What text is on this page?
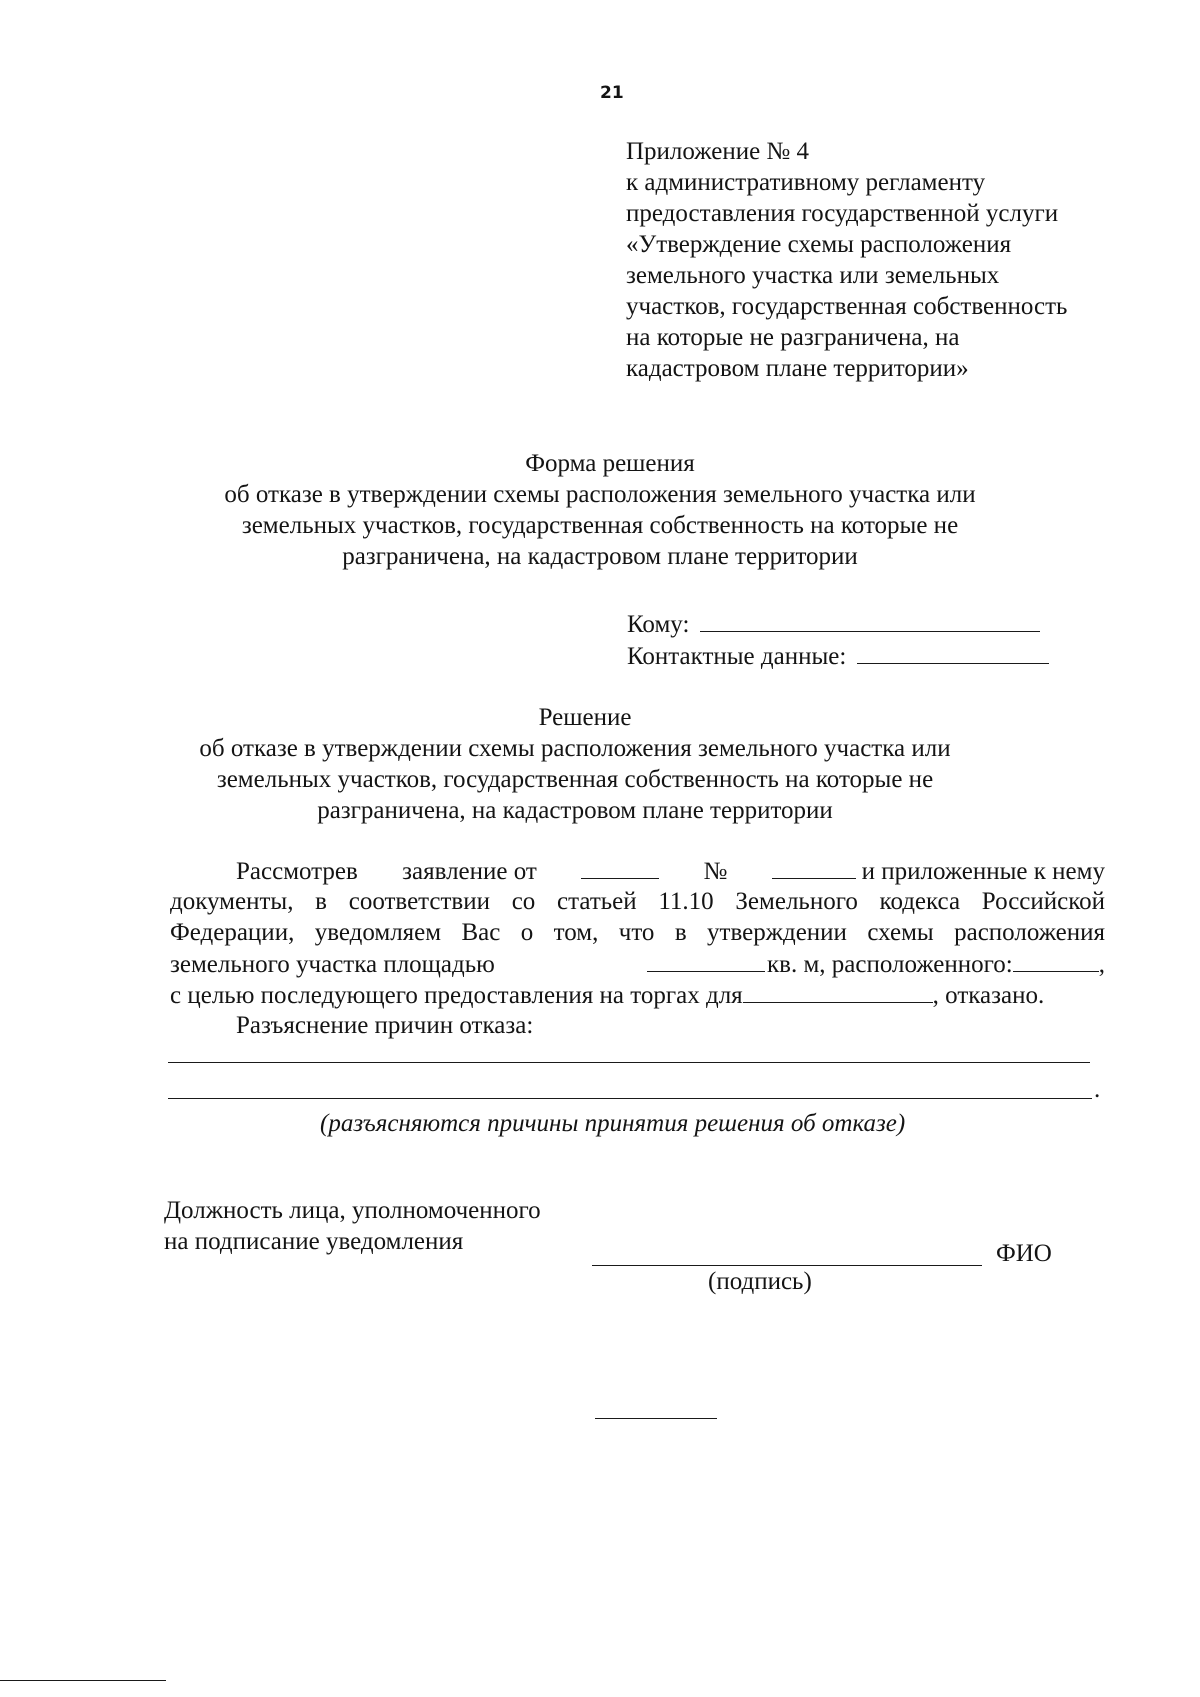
21
Приложение № 4
к административному регламенту
предоставления государственной услуги
«Утверждение схемы расположения
земельного участка или земельных
участков, государственная собственность
на которые не разграничена, на
кадастровом плане территории»
Форма решения
об отказе в утверждении схемы расположения земельного участка или
земельных участков, государственная собственность на которые не
разграничена, на кадастровом плане территории
Кому:
Контактные данные:
Решение
об отказе в утверждении схемы расположения земельного участка или
земельных участков, государственная собственность на которые не
разграничена, на кадастровом плане территории
Рассмотрев заявление от	№	и приложенные к нему
документы, в соответствии со статьей 11.10 Земельного кодекса Российской
Федерации, уведомляем Вас о том, что в утверждении схемы расположения
земельного участка площадью	кв. м, расположенного:	,
с целью последующего предоставления на торгах для	, отказано.
Разъяснение причин отказа:
.
(разъясняются причины принятия решения об отказе)
Должность лица, уполномоченного
на подписание уведомления	ФИО
(подпись)
